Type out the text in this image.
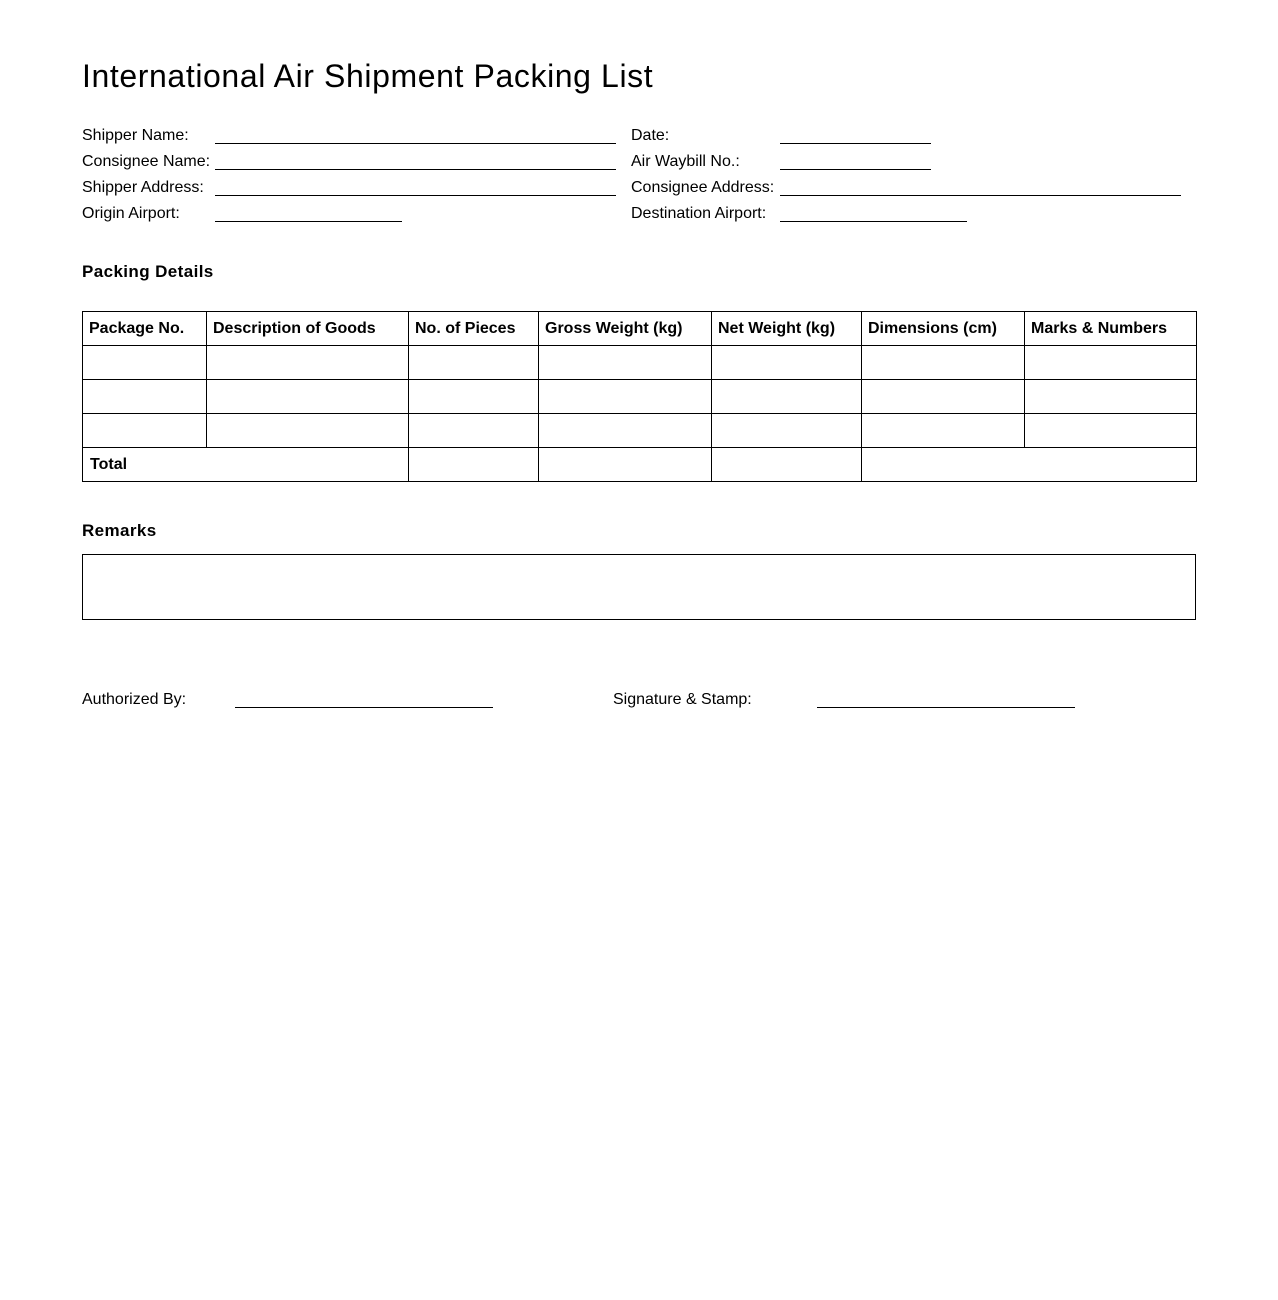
International Air Shipment Packing List
Shipper Name:
Consignee Name:
Shipper Address:
Origin Airport:
Date:
Air Waybill No.:
Consignee Address:
Destination Airport:
Packing Details
Package No.	Description of Goods	No. of Pieces	Gross Weight (kg)	Net Weight (kg)	Dimensions (cm)	Marks & Numbers

Total						
Remarks
Authorized By:	Signature & Stamp:
